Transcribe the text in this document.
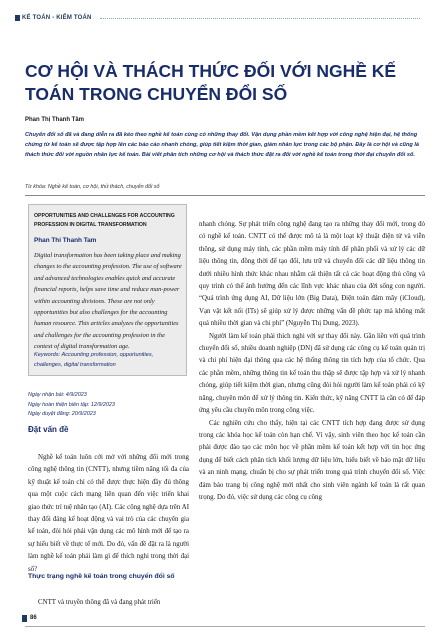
KẾ TOÁN - KIỂM TOÁN
CƠ HỘI VÀ THÁCH THỨC ĐỐI VỚI NGHỀ KẾ TOÁN TRONG CHUYỂN ĐỔI SỐ
Phan Thị Thanh Tâm
Chuyển đổi số đã và đang diễn ra đã kéo theo nghề kế toán cùng có những thay đổi. Vận dụng phần mềm kết hợp với công nghệ hiện đại, hệ thống chứng từ kế toán sẽ được tập hợp lên các báo cáo nhanh chóng, giúp tiết kiệm thời gian, giảm nhân lực trong các bộ phận. Đây là cơ hội và cũng là thách thức đối với nguồn nhân lực kế toán. Bài viết phân tích những cơ hội và thách thức đặt ra đối với nghề kế toán trong thời đại chuyển đổi số.
Từ khóa: Nghề kế toán, cơ hội, thử thách, chuyển đổi số
OPPORTUNITIES AND CHALLENGES FOR ACCOUNTING PROFESSION IN DIGITAL TRANSFORMATION
Phan Thi Thanh Tam
Digital transformation has been taking place and making changes to the accounting profession. The use of software and advanced technologies enables quick and accurate financial reports, helps save time and reduce man-power within accounting divisions. These are not only opportunities but also challenges for the accounting human resource. This articles analyzes the opportunities and challenges for the accounting profession in the context of digital transformation age.
Keywords: Accounting profession, opportunities, challenges, digital transformation
Ngày nhận bài: 4/9/2023
Ngày hoàn thiện biên tập: 12/9/2023
Ngày duyệt đăng: 20/9/2023
Đặt vấn đề

Nghề kế toán luôn cởi mở với những đổi mới trong công nghệ thông tin (CNTT), nhưng tiềm năng tối đa của kỹ thuật kế toán chỉ có thể được thực hiện đầy đủ thông qua một cuộc cách mạng liên quan đến việc triển khai giao thức trí tuệ nhân tạo (AI). Các công nghệ dựa trên AI thay đổi đáng kể hoạt động và vai trò của các chuyên gia kế toán, đòi hỏi phải vận dụng các mô hình mới để tạo ra sự hiểu biết về thực tế mới. Do đó, vấn đề đặt ra là người làm nghề kế toán phải làm gì để thích nghi trong thời đại số?

Thực trạng nghề kế toán trong chuyển đổi số
CNTT và truyền thông đã và đang phát triển

nhanh chóng. Sự phát triển công nghệ đang tạo ra những thay đổi mới, trong đó có nghề kế toán. CNTT có thể được mô tả là một loạt kỹ thuật điện tử và viễn thông, sử dụng máy tính, các phần mềm máy tính để phân phối và xử lý các dữ liệu thông tin, đồng thời để tạo đổi, lưu trữ và chuyển đổi các dữ liệu thông tin dưới nhiều hình thức khác nhau nhằm cải thiện tất cả các hoạt động thủ công và quy trình có thể ảnh hưởng đến các lĩnh vực khác nhau của đời sống con người. “Quá trình ứng dụng AI, Dữ liệu lớn (Big Data), Điện toán đám mây (iCloud), Vạn vật kết nối (ITs) sẽ giúp xử lý được những vấn đề phức tạp mà không mất quá nhiều thời gian và chi phí” (Nguyễn Thị Dung, 2023).

Người làm kế toán phải thích nghi với sự thay đổi này. Gần liền với quá trình chuyển đổi số, nhiều doanh nghiệp (DN) đã sử dụng các công cụ kế toán quản trị và chi phí hiện đại thông qua các hệ thống thông tin tích hợp của tổ chức. Qua các phần mềm, những thông tin kế toán thu thập sẽ được tập hợp và xử lý nhanh chóng, giúp tiết kiệm thời gian, nhưng cũng đòi hỏi người làm kế toán phải có kỹ năng, chuyên môn để xử lý thông tin. Kiến thức, kỹ năng CNTT là cần có để đáp ứng yêu cầu chuyên môn trong công việc.

Các nghiên cứu cho thấy, hiện tại các CNTT tích hợp đang được sử dụng trong các khóa học kế toán còn hạn chế. Vì vậy, sinh viên theo học kế toán cần phải được đào tạo các môn học về phần mềm kế toán kết hợp với tin học ứng dụng để biết cách phân tích khối lượng dữ liệu lớn, hiểu biết về bảo mật dữ liệu và an ninh mạng, chuẩn bị cho sự phát triển trong quá trình chuyển đổi số. Việc đảm bảo trang bị công nghệ mới nhất cho sinh viên ngành kế toán là rất quan trọng. Do đó, việc sử dụng các công cụ công

86
